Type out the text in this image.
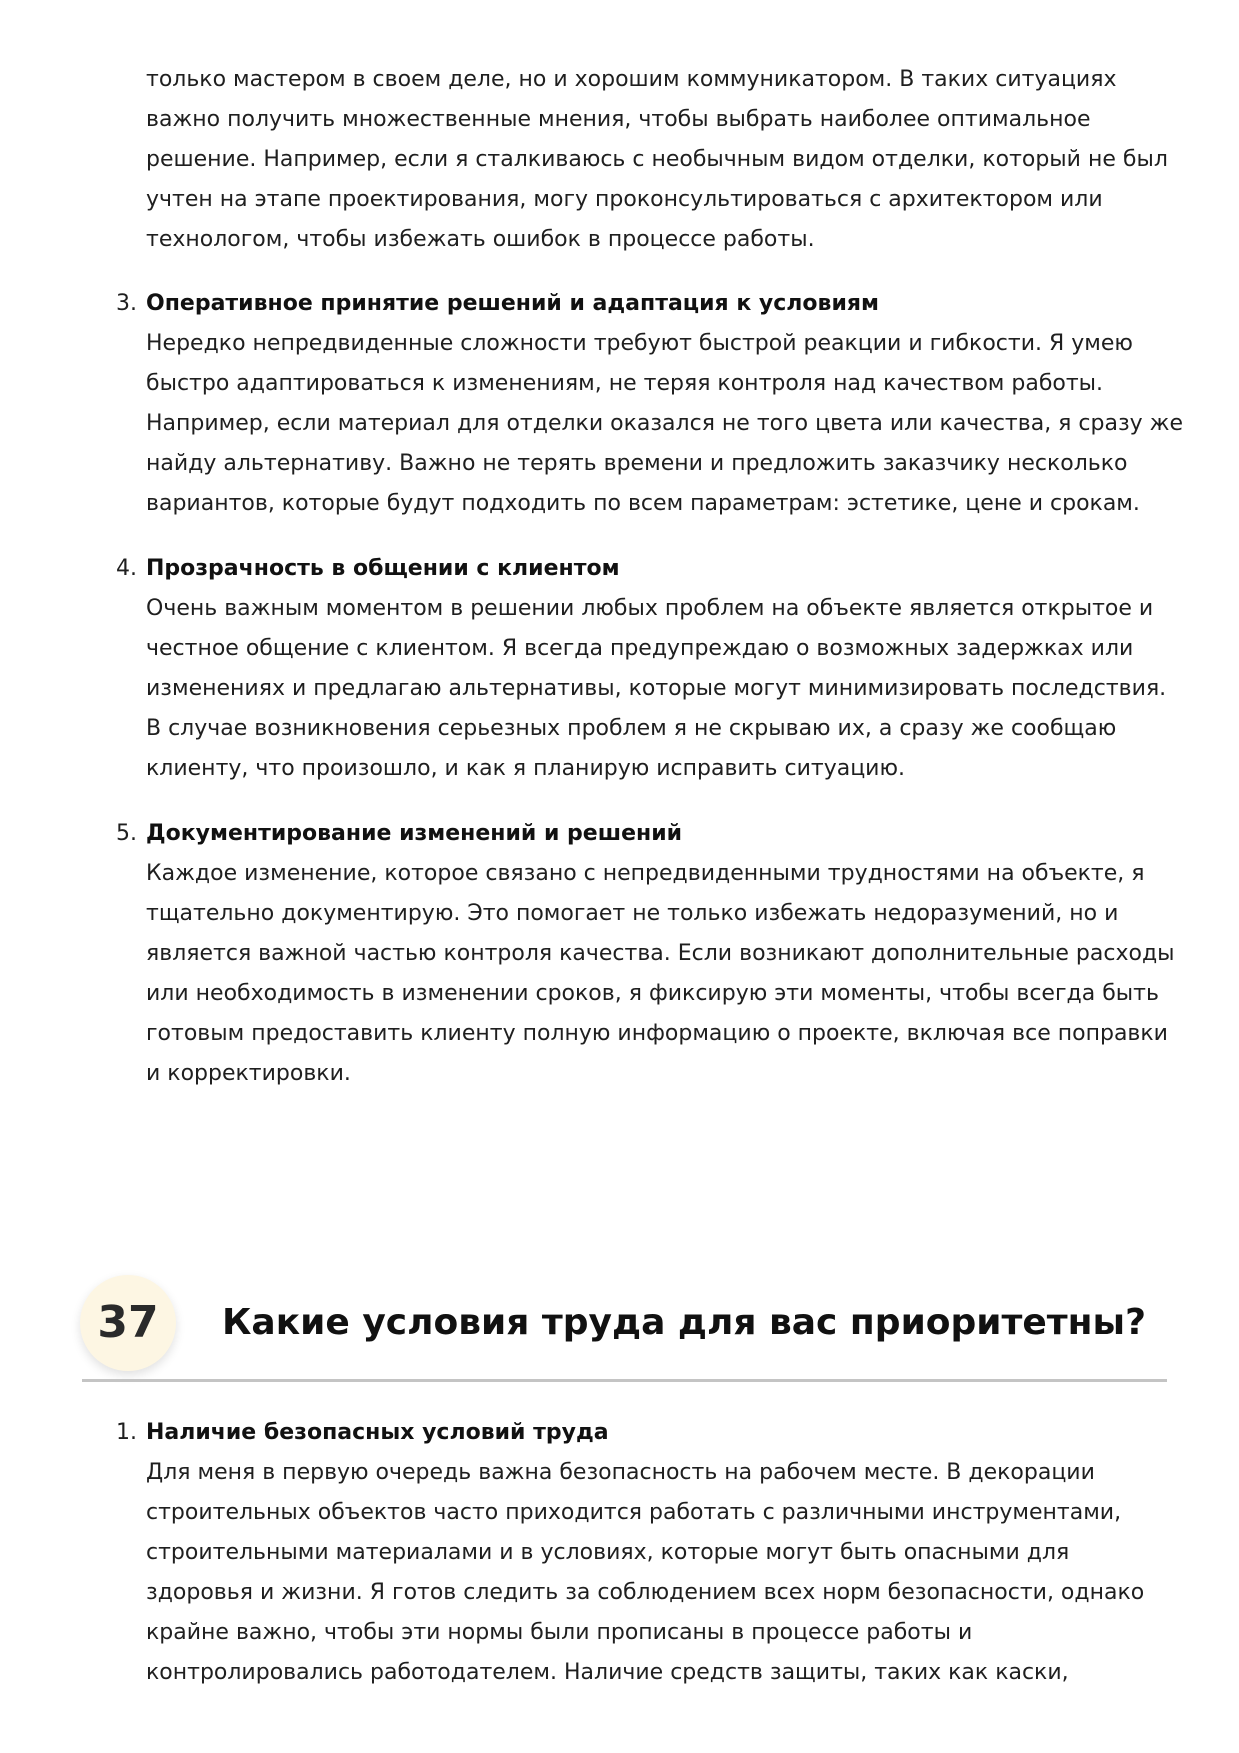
только мастером в своем деле, но и хорошим коммуникатором. В таких ситуациях
важно получить множественные мнения, чтобы выбрать наиболее оптимальное
решение. Например, если я сталкиваюсь с необычным видом отделки, который не был
учтен на этапе проектирования, могу проконсультироваться с архитектором или
технологом, чтобы избежать ошибок в процессе работы.
3. Оперативное принятие решений и адаптация к условиям
Нередко непредвиденные сложности требуют быстрой реакции и гибкости. Я умею
быстро адаптироваться к изменениям, не теряя контроля над качеством работы.
Например, если материал для отделки оказался не того цвета или качества, я сразу же
найду альтернативу. Важно не терять времени и предложить заказчику несколько
вариантов, которые будут подходить по всем параметрам: эстетике, цене и срокам.
4. Прозрачность в общении с клиентом
Очень важным моментом в решении любых проблем на объекте является открытое и
честное общение с клиентом. Я всегда предупреждаю о возможных задержках или
изменениях и предлагаю альтернативы, которые могут минимизировать последствия.
В случае возникновения серьезных проблем я не скрываю их, а сразу же сообщаю
клиенту, что произошло, и как я планирую исправить ситуацию.
5. Документирование изменений и решений
Каждое изменение, которое связано с непредвиденными трудностями на объекте, я
тщательно документирую. Это помогает не только избежать недоразумений, но и
является важной частью контроля качества. Если возникают дополнительные расходы
или необходимость в изменении сроков, я фиксирую эти моменты, чтобы всегда быть
готовым предоставить клиенту полную информацию о проекте, включая все поправки
и корректировки.
37	Какие условия труда для вас приоритетны?
1. Наличие безопасных условий труда
Для меня в первую очередь важна безопасность на рабочем месте. В декорации
строительных объектов часто приходится работать с различными инструментами,
строительными материалами и в условиях, которые могут быть опасными для
здоровья и жизни. Я готов следить за соблюдением всех норм безопасности, однако
крайне важно, чтобы эти нормы были прописаны в процессе работы и
контролировались работодателем. Наличие средств защиты, таких как каски,
